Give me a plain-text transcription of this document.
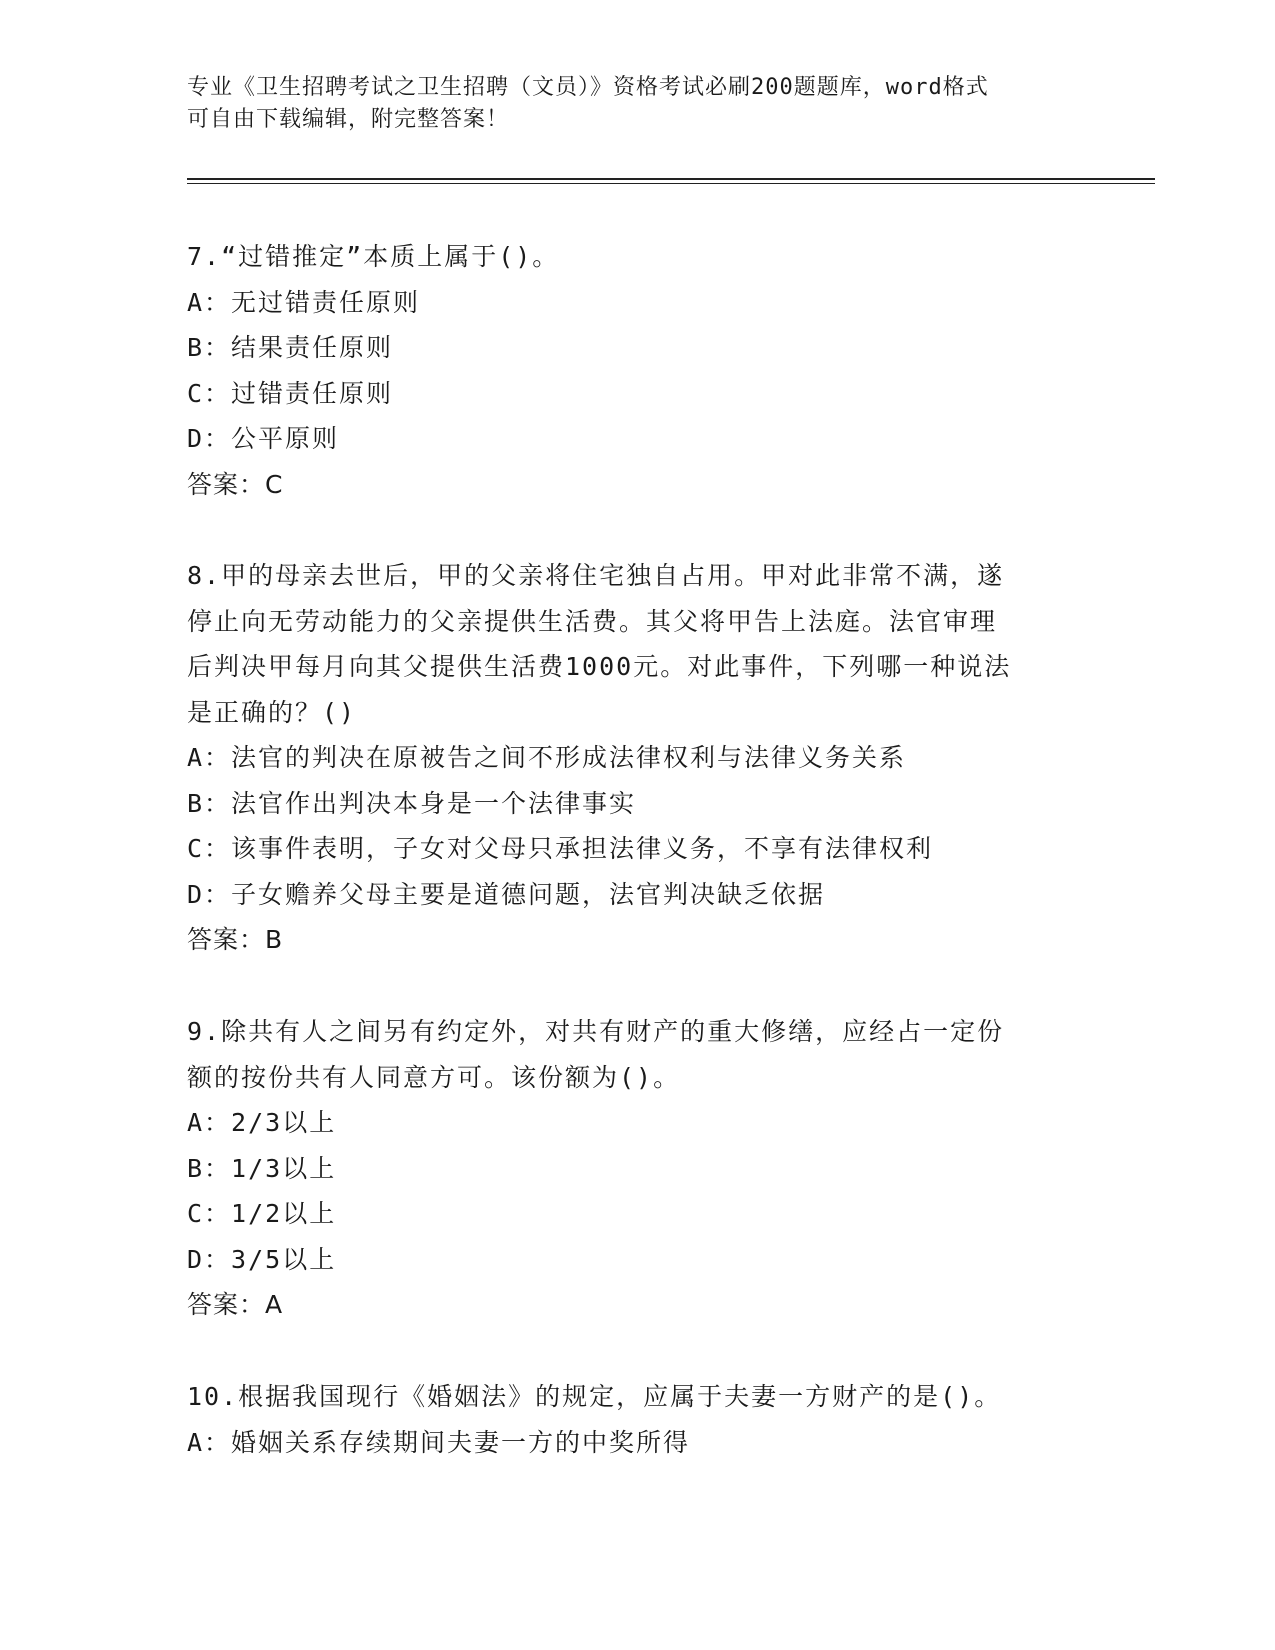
专业《卫生招聘考试之卫生招聘（文员）》资格考试必刷200题题库，word格式
可自由下载编辑，附完整答案！
7.“过错推定”本质上属于()。
A：无过错责任原则
B：结果责任原则
C：过错责任原则
D：公平原则
答案：C
8.甲的母亲去世后，甲的父亲将住宅独自占用。甲对此非常不满，遂
停止向无劳动能力的父亲提供生活费。其父将甲告上法庭。法官审理
后判决甲每月向其父提供生活费1000元。对此事件，下列哪一种说法
是正确的？()
A：法官的判决在原被告之间不形成法律权利与法律义务关系
B：法官作出判决本身是一个法律事实
C：该事件表明，子女对父母只承担法律义务，不享有法律权利
D：子女赡养父母主要是道德问题，法官判决缺乏依据
答案：B
9.除共有人之间另有约定外，对共有财产的重大修缮，应经占一定份
额的按份共有人同意方可。该份额为()。
A：2/3以上
B：1/3以上
C：1/2以上
D：3/5以上
答案：A
10.根据我国现行《婚姻法》的规定，应属于夫妻一方财产的是()。
A：婚姻关系存续期间夫妻一方的中奖所得
